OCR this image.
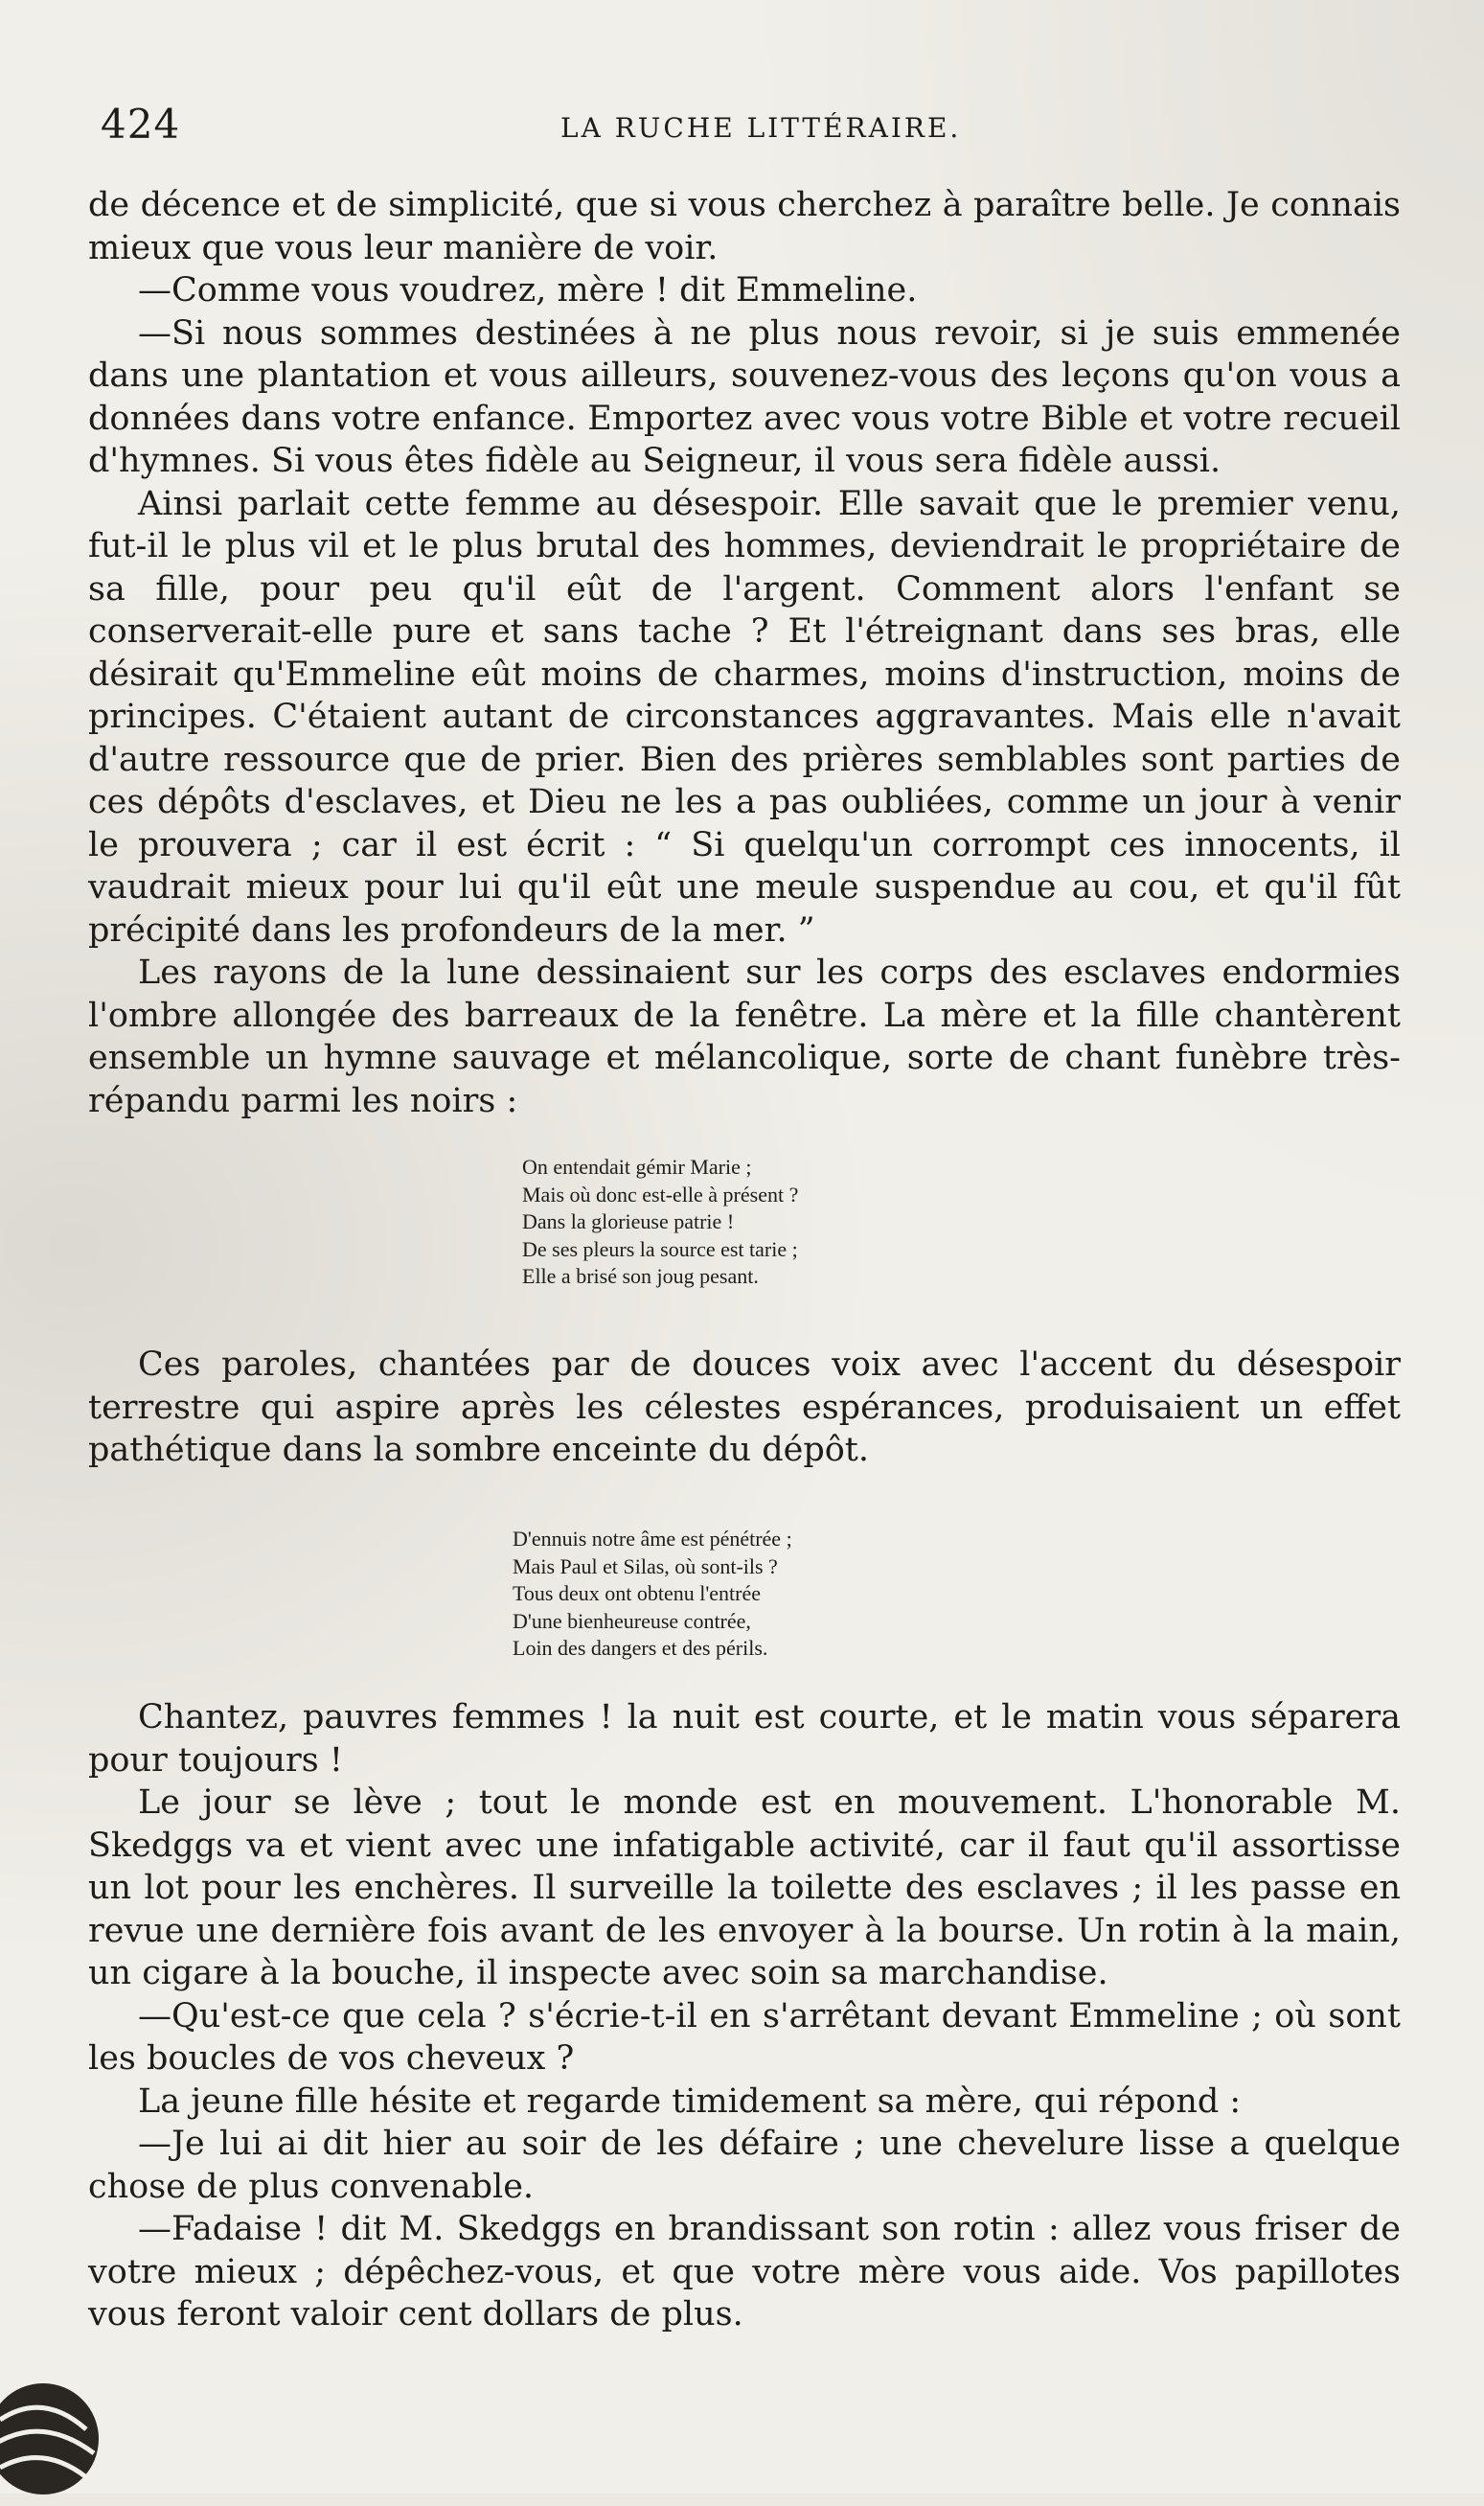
424	LA RUCHE LITTÉRAIRE.

de décence et de simplicité, que si vous cherchez à paraître belle. Je connais mieux que vous leur manière de voir.

—Comme vous voudrez, mère ! dit Emmeline.

—Si nous sommes destinées à ne plus nous revoir, si je suis emmenée dans une plantation et vous ailleurs, souvenez-vous des leçons qu'on vous a données dans votre enfance. Emportez avec vous votre Bible et votre recueil d'hymnes. Si vous êtes fidèle au Seigneur, il vous sera fidèle aussi.

Ainsi parlait cette femme au désespoir. Elle savait que le premier venu, fut-il le plus vil et le plus brutal des hommes, deviendrait le propriétaire de sa fille, pour peu qu'il eût de l'argent. Comment alors l'enfant se conserverait-elle pure et sans tache ? Et l'étreignant dans ses bras, elle désirait qu'Emmeline eût moins de charmes, moins d'instruction, moins de principes. C'étaient autant de circonstances aggravantes. Mais elle n'avait d'autre ressource que de prier. Bien des prières semblables sont parties de ces dépôts d'esclaves, et Dieu ne les a pas oubliées, comme un jour à venir le prouvera ; car il est écrit : “ Si quelqu'un corrompt ces innocents, il vaudrait mieux pour lui qu'il eût une meule suspendue au cou, et qu'il fût précipité dans les profondeurs de la mer. ”

Les rayons de la lune dessinaient sur les corps des esclaves endormies l'ombre allongée des barreaux de la fenêtre. La mère et la fille chantèrent ensemble un hymne sauvage et mélancolique, sorte de chant funèbre très-répandu parmi les noirs :

On entendait gémir Marie ;
Mais où donc est-elle à présent ?
Dans la glorieuse patrie !
De ses pleurs la source est tarie ;
Elle a brisé son joug pesant.

Ces paroles, chantées par de douces voix avec l'accent du désespoir terrestre qui aspire après les célestes espérances, produisaient un effet pathétique dans la sombre enceinte du dépôt.

D'ennuis notre âme est pénétrée ;
Mais Paul et Silas, où sont-ils ?
Tous deux ont obtenu l'entrée
D'une bienheureuse contrée,
Loin des dangers et des périls.

Chantez, pauvres femmes ! la nuit est courte, et le matin vous séparera pour toujours !

Le jour se lève ; tout le monde est en mouvement. L'honorable M. Skedggs va et vient avec une infatigable activité, car il faut qu'il assortisse un lot pour les enchères. Il surveille la toilette des esclaves ; il les passe en revue une dernière fois avant de les envoyer à la bourse. Un rotin à la main, un cigare à la bouche, il inspecte avec soin sa marchandise.

—Qu'est-ce que cela ? s'écrie-t-il en s'arrêtant devant Emmeline ; où sont les boucles de vos cheveux ?

La jeune fille hésite et regarde timidement sa mère, qui répond :

—Je lui ai dit hier au soir de les défaire ; une chevelure lisse a quelque chose de plus convenable.

—Fadaise ! dit M. Skedggs en brandissant son rotin : allez vous friser de votre mieux ; dépêchez-vous, et que votre mère vous aide. Vos papillotes vous feront valoir cent dollars de plus.
